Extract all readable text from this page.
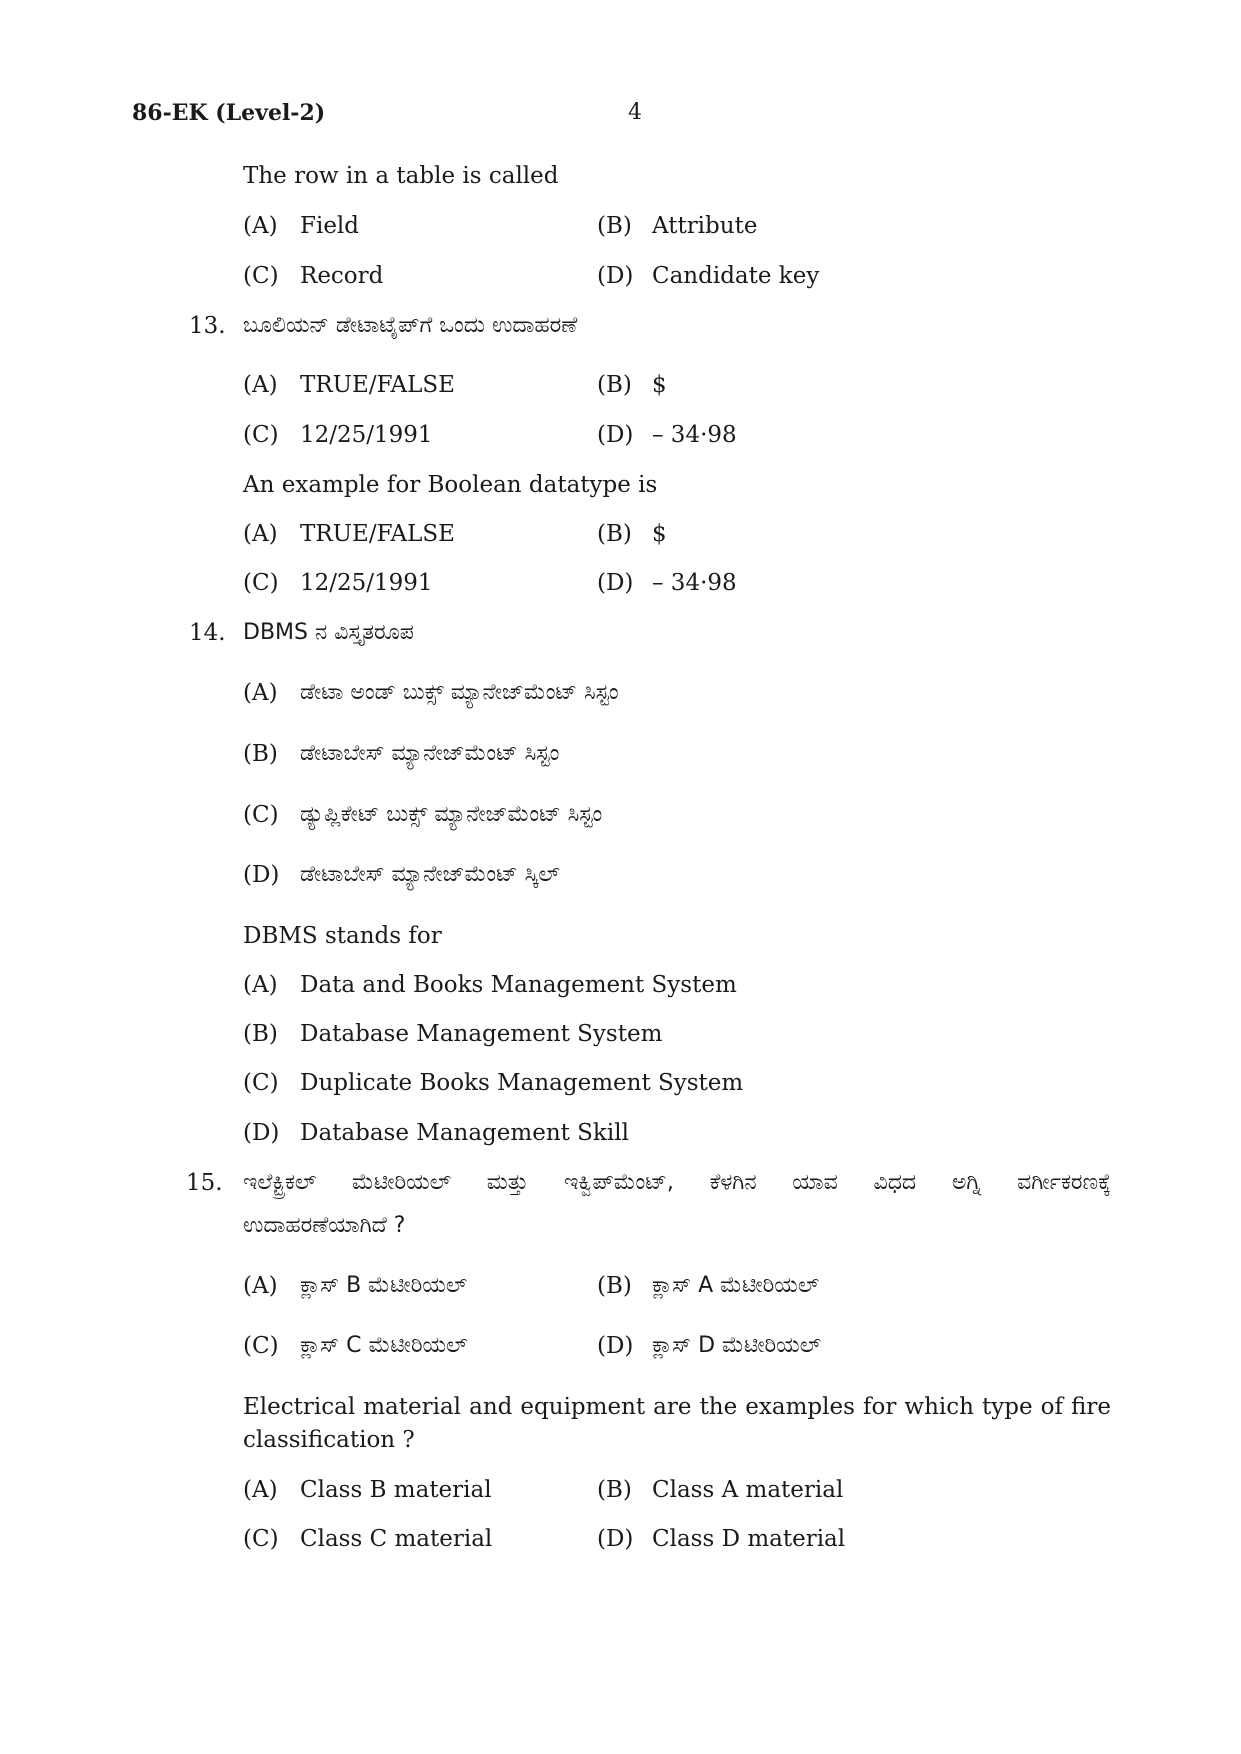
86-EK (Level-2)	4
The row in a table is called
(A) Field	(B) Attribute
(C) Record	(D) Candidate key
13. ಬೂಲಿಯನ್ ಡೇಟಾಟೈಪ್‌ಗೆ ಒಂದು ಉದಾಹರಣೆ
(A) TRUE/FALSE	(B) $
(C) 12/25/1991	(D) – 34·98
An example for Boolean datatype is
(A) TRUE/FALSE	(B) $
(C) 12/25/1991	(D) – 34·98
14. DBMS ನ ವಿಸ್ತೃತರೂಪ
(A) ಡೇಟಾ ಅಂಡ್ ಬುಕ್ಸ್ ಮ್ಯಾನೇಜ್‌ಮೆಂಟ್ ಸಿಸ್ಟಂ
(B) ಡೇಟಾಬೇಸ್ ಮ್ಯಾನೇಜ್‌ಮೆಂಟ್ ಸಿಸ್ಟಂ
(C) ಡ್ಯುಪ್ಲಿಕೇಟ್ ಬುಕ್ಸ್ ಮ್ಯಾನೇಜ್‌ಮೆಂಟ್ ಸಿಸ್ಟಂ
(D) ಡೇಟಾಬೇಸ್ ಮ್ಯಾನೇಜ್‌ಮೆಂಟ್ ಸ್ಕಿಲ್
DBMS stands for
(A) Data and Books Management System
(B) Database Management System
(C) Duplicate Books Management System
(D) Database Management Skill
15. ಇಲೆಕ್ಟ್ರಿಕಲ್ ಮೆಟೀರಿಯಲ್ ಮತ್ತು ಇಕ್ವಿಪ್‌ಮೆಂಟ್, ಕೆಳಗಿನ ಯಾವ ವಿಧದ ಅಗ್ನಿ ವರ್ಗೀಕರಣಕ್ಕೆ
ಉದಾಹರಣೆಯಾಗಿದೆ ?
(A) ಕ್ಲಾಸ್ B ಮೆಟೀರಿಯಲ್	(B) ಕ್ಲಾಸ್ A ಮೆಟೀರಿಯಲ್
(C) ಕ್ಲಾಸ್ C ಮೆಟೀರಿಯಲ್	(D) ಕ್ಲಾಸ್ D ಮೆಟೀರಿಯಲ್
Electrical material and equipment are the examples for which type of fire
classification ?
(A) Class B material	(B) Class A material
(C) Class C material	(D) Class D material
